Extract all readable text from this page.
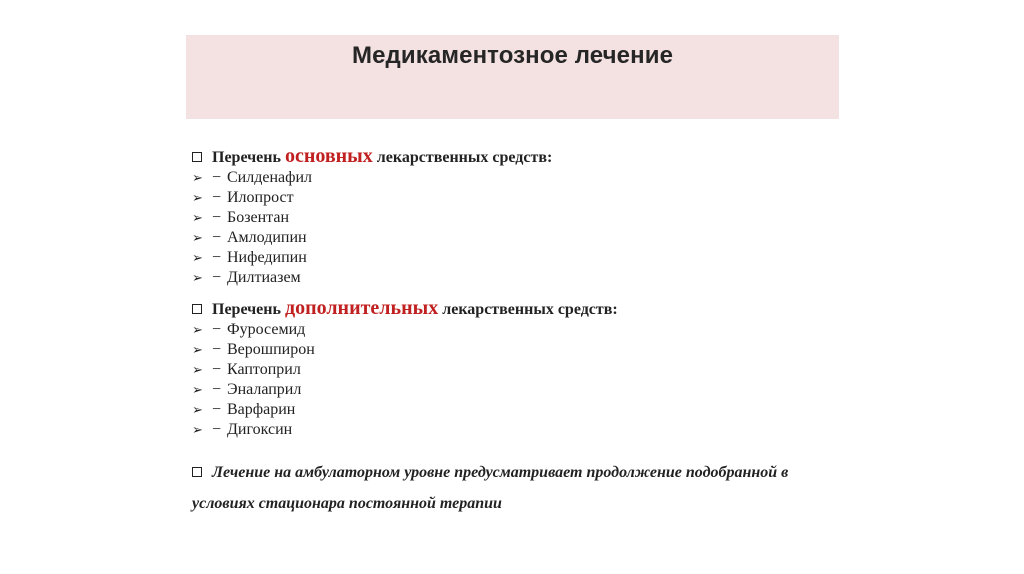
Медикаментозное лечение
Перечень основных лекарственных средств:
➢ − Силденафил
➢ − Илопрост
➢ − Бозентан
➢ − Амлодипин
➢ − Нифедипин
➢ − Дилтиазем
Перечень дополнительных лекарственных средств:
➢ − Фуросемид
➢ − Верошпирон
➢ − Каптоприл
➢ − Эналаприл
➢ − Варфарин
➢ − Дигоксин
Лечение на амбулаторном уровне предусматривает продолжение подобранной в условиях стационара постоянной терапии
